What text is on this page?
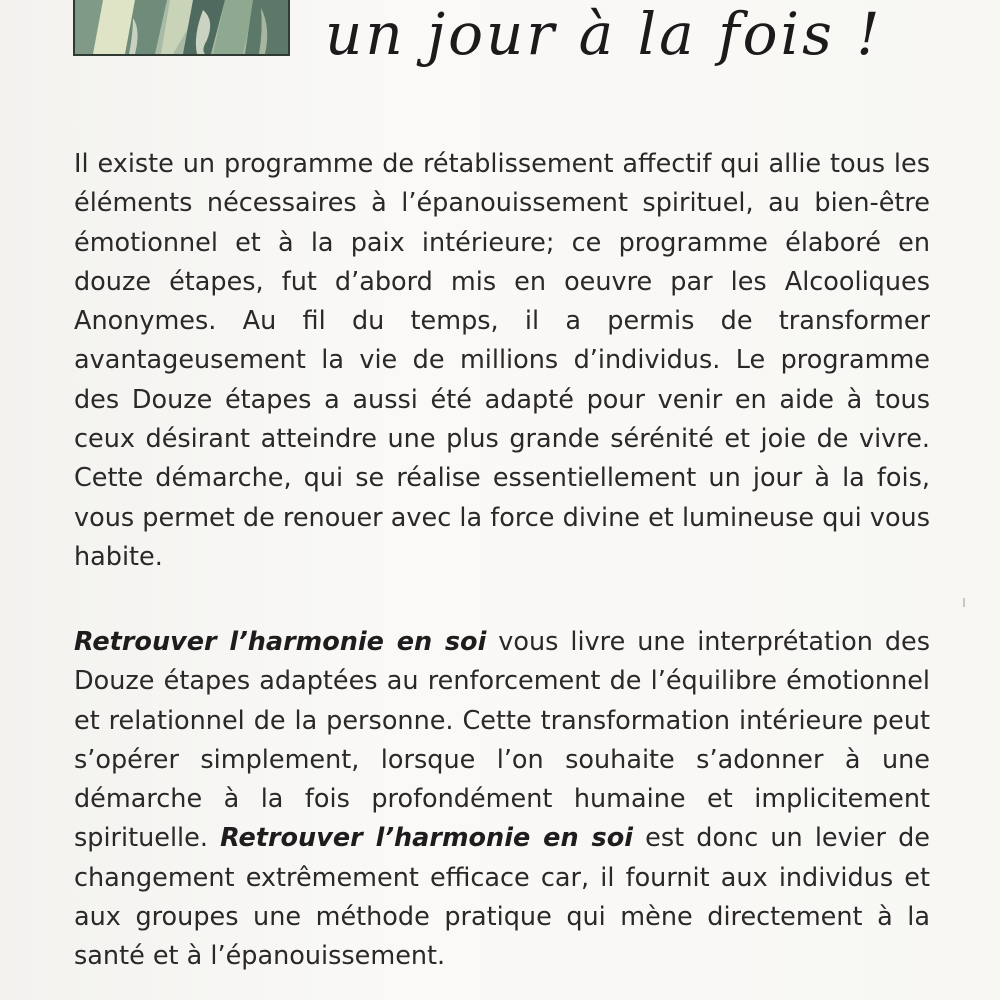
un jour à la fois !

Il existe un programme de rétablissement affectif qui allie tous les éléments nécessaires à l’épanouissement spirituel, au bien-être émotionnel et à la paix intérieure; ce programme élaboré en douze étapes, fut d’abord mis en oeuvre par les Alcooliques Anonymes. Au fil du temps, il a permis de transformer avantageusement la vie de millions d’individus. Le programme des Douze étapes a aussi été adapté pour venir en aide à tous ceux désirant atteindre une plus grande sérénité et joie de vivre. Cette démarche, qui se réalise essentiellement un jour à la fois, vous permet de renouer avec la force divine et lumineuse qui vous habite.

Retrouver l’harmonie en soi vous livre une interprétation des Douze étapes adaptées au renforcement de l’équilibre émotionnel et relationnel de la personne. Cette transformation intérieure peut s’opérer simplement, lorsque l’on souhaite s’adonner à une démarche à la fois profondément humaine et implicitement spirituelle. Retrouver l’harmonie en soi est donc un levier de changement extrêmement efficace car, il fournit aux individus et aux groupes une méthode pratique qui mène directement à la santé et à l’épanouissement.
